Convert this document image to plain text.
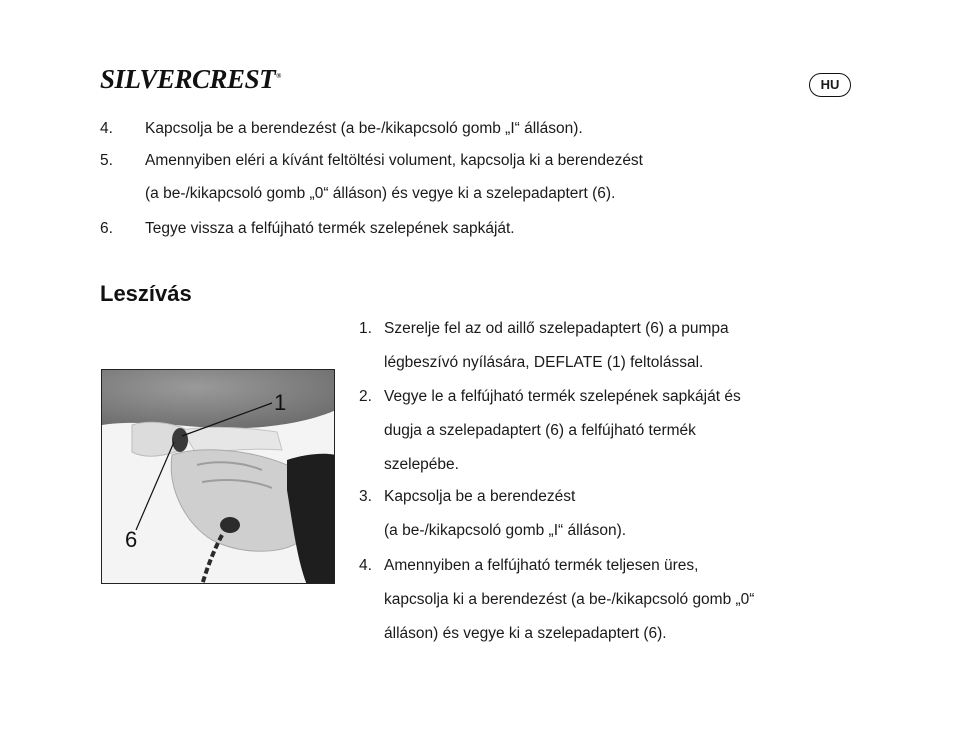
SILVERCREST®
HU
4. Kapcsolja be a berendezést (a be-/kikapcsoló gomb „I“ álláson).
5. Amennyiben eléri a kívánt feltöltési volument, kapcsolja ki a berendezést
(a be-/kikapcsoló gomb „0“ álláson) és vegye ki a szelepadaptert (6).
6. Tegye vissza a felfújható termék szelepének sapkáját.
Leszívás
1
6
1. Szerelje fel az od aillő szelepadaptert (6) a pumpa
légbeszívó nyílására, DEFLATE (1) feltolással.
2. Vegye le a felfújható termék szelepének sapkáját és
dugja a szelepadaptert (6) a felfújható termék
szelepébe.
3. Kapcsolja be a berendezést
(a be-/kikapcsoló gomb „I“ álláson).
4. Amennyiben a felfújható termék teljesen üres,
kapcsolja ki a berendezést (a be-/kikapcsoló gomb „0“
álláson) és vegye ki a szelepadaptert (6).
